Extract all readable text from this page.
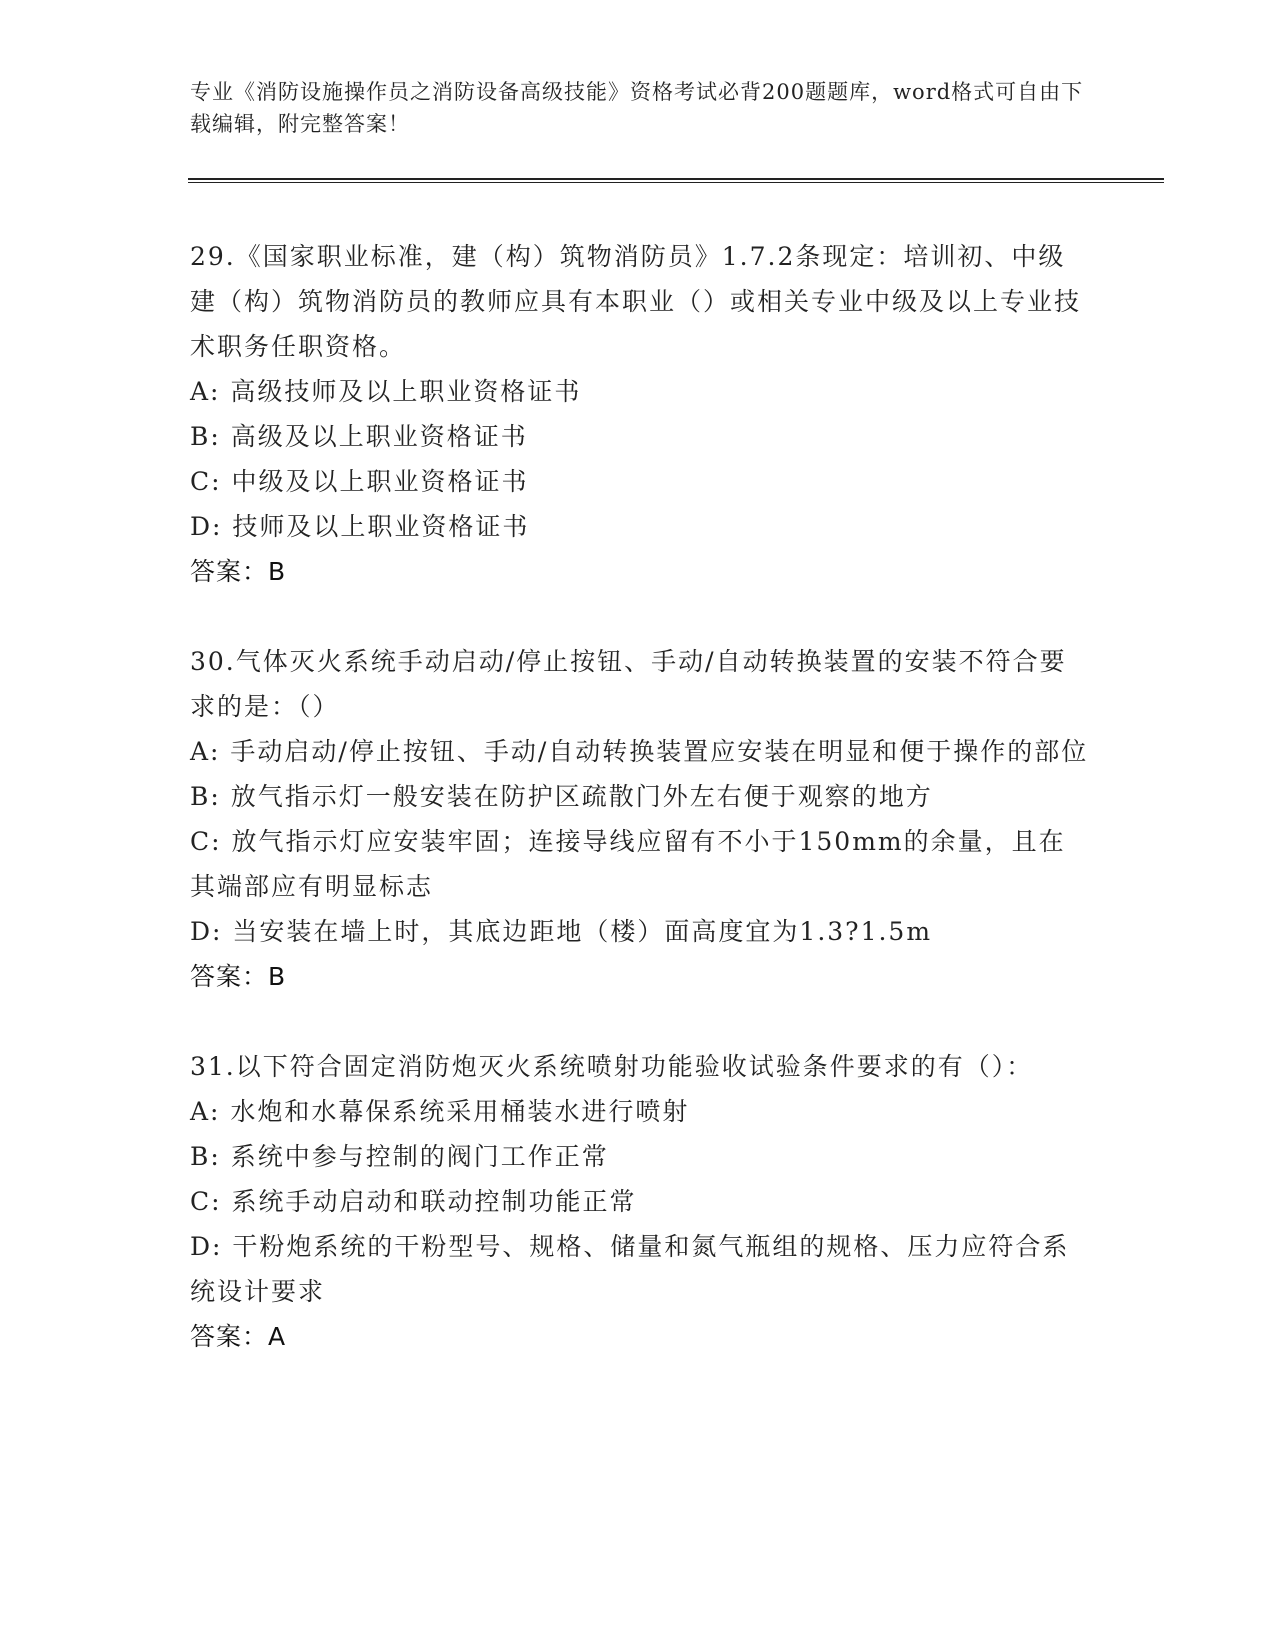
专业《消防设施操作员之消防设备高级技能》资格考试必背200题题库，word格式可自由下载编辑，附完整答案！
29.《国家职业标准，建（构）筑物消防员》1.7.2条现定：培训初、中级建（构）筑物消防员的教师应具有本职业（）或相关专业中级及以上专业技术职务任职资格。
A: 高级技师及以上职业资格证书
B: 高级及以上职业资格证书
C: 中级及以上职业资格证书
D: 技师及以上职业资格证书
答案：B
30.气体灭火系统手动启动/停止按钮、手动/自动转换装置的安装不符合要求的是：（）
A: 手动启动/停止按钮、手动/自动转换装置应安装在明显和便于操作的部位
B: 放气指示灯一般安装在防护区疏散门外左右便于观察的地方
C: 放气指示灯应安装牢固；连接导线应留有不小于150mm的余量，且在其端部应有明显标志
D: 当安装在墙上时，其底边距地（楼）面高度宜为1.3?1.5m
答案：B
31.以下符合固定消防炮灭火系统喷射功能验收试验条件要求的有（）：
A: 水炮和水幕保系统采用桶装水进行喷射
B: 系统中参与控制的阀门工作正常
C: 系统手动启动和联动控制功能正常
D: 干粉炮系统的干粉型号、规格、储量和氮气瓶组的规格、压力应符合系统设计要求
答案：A
